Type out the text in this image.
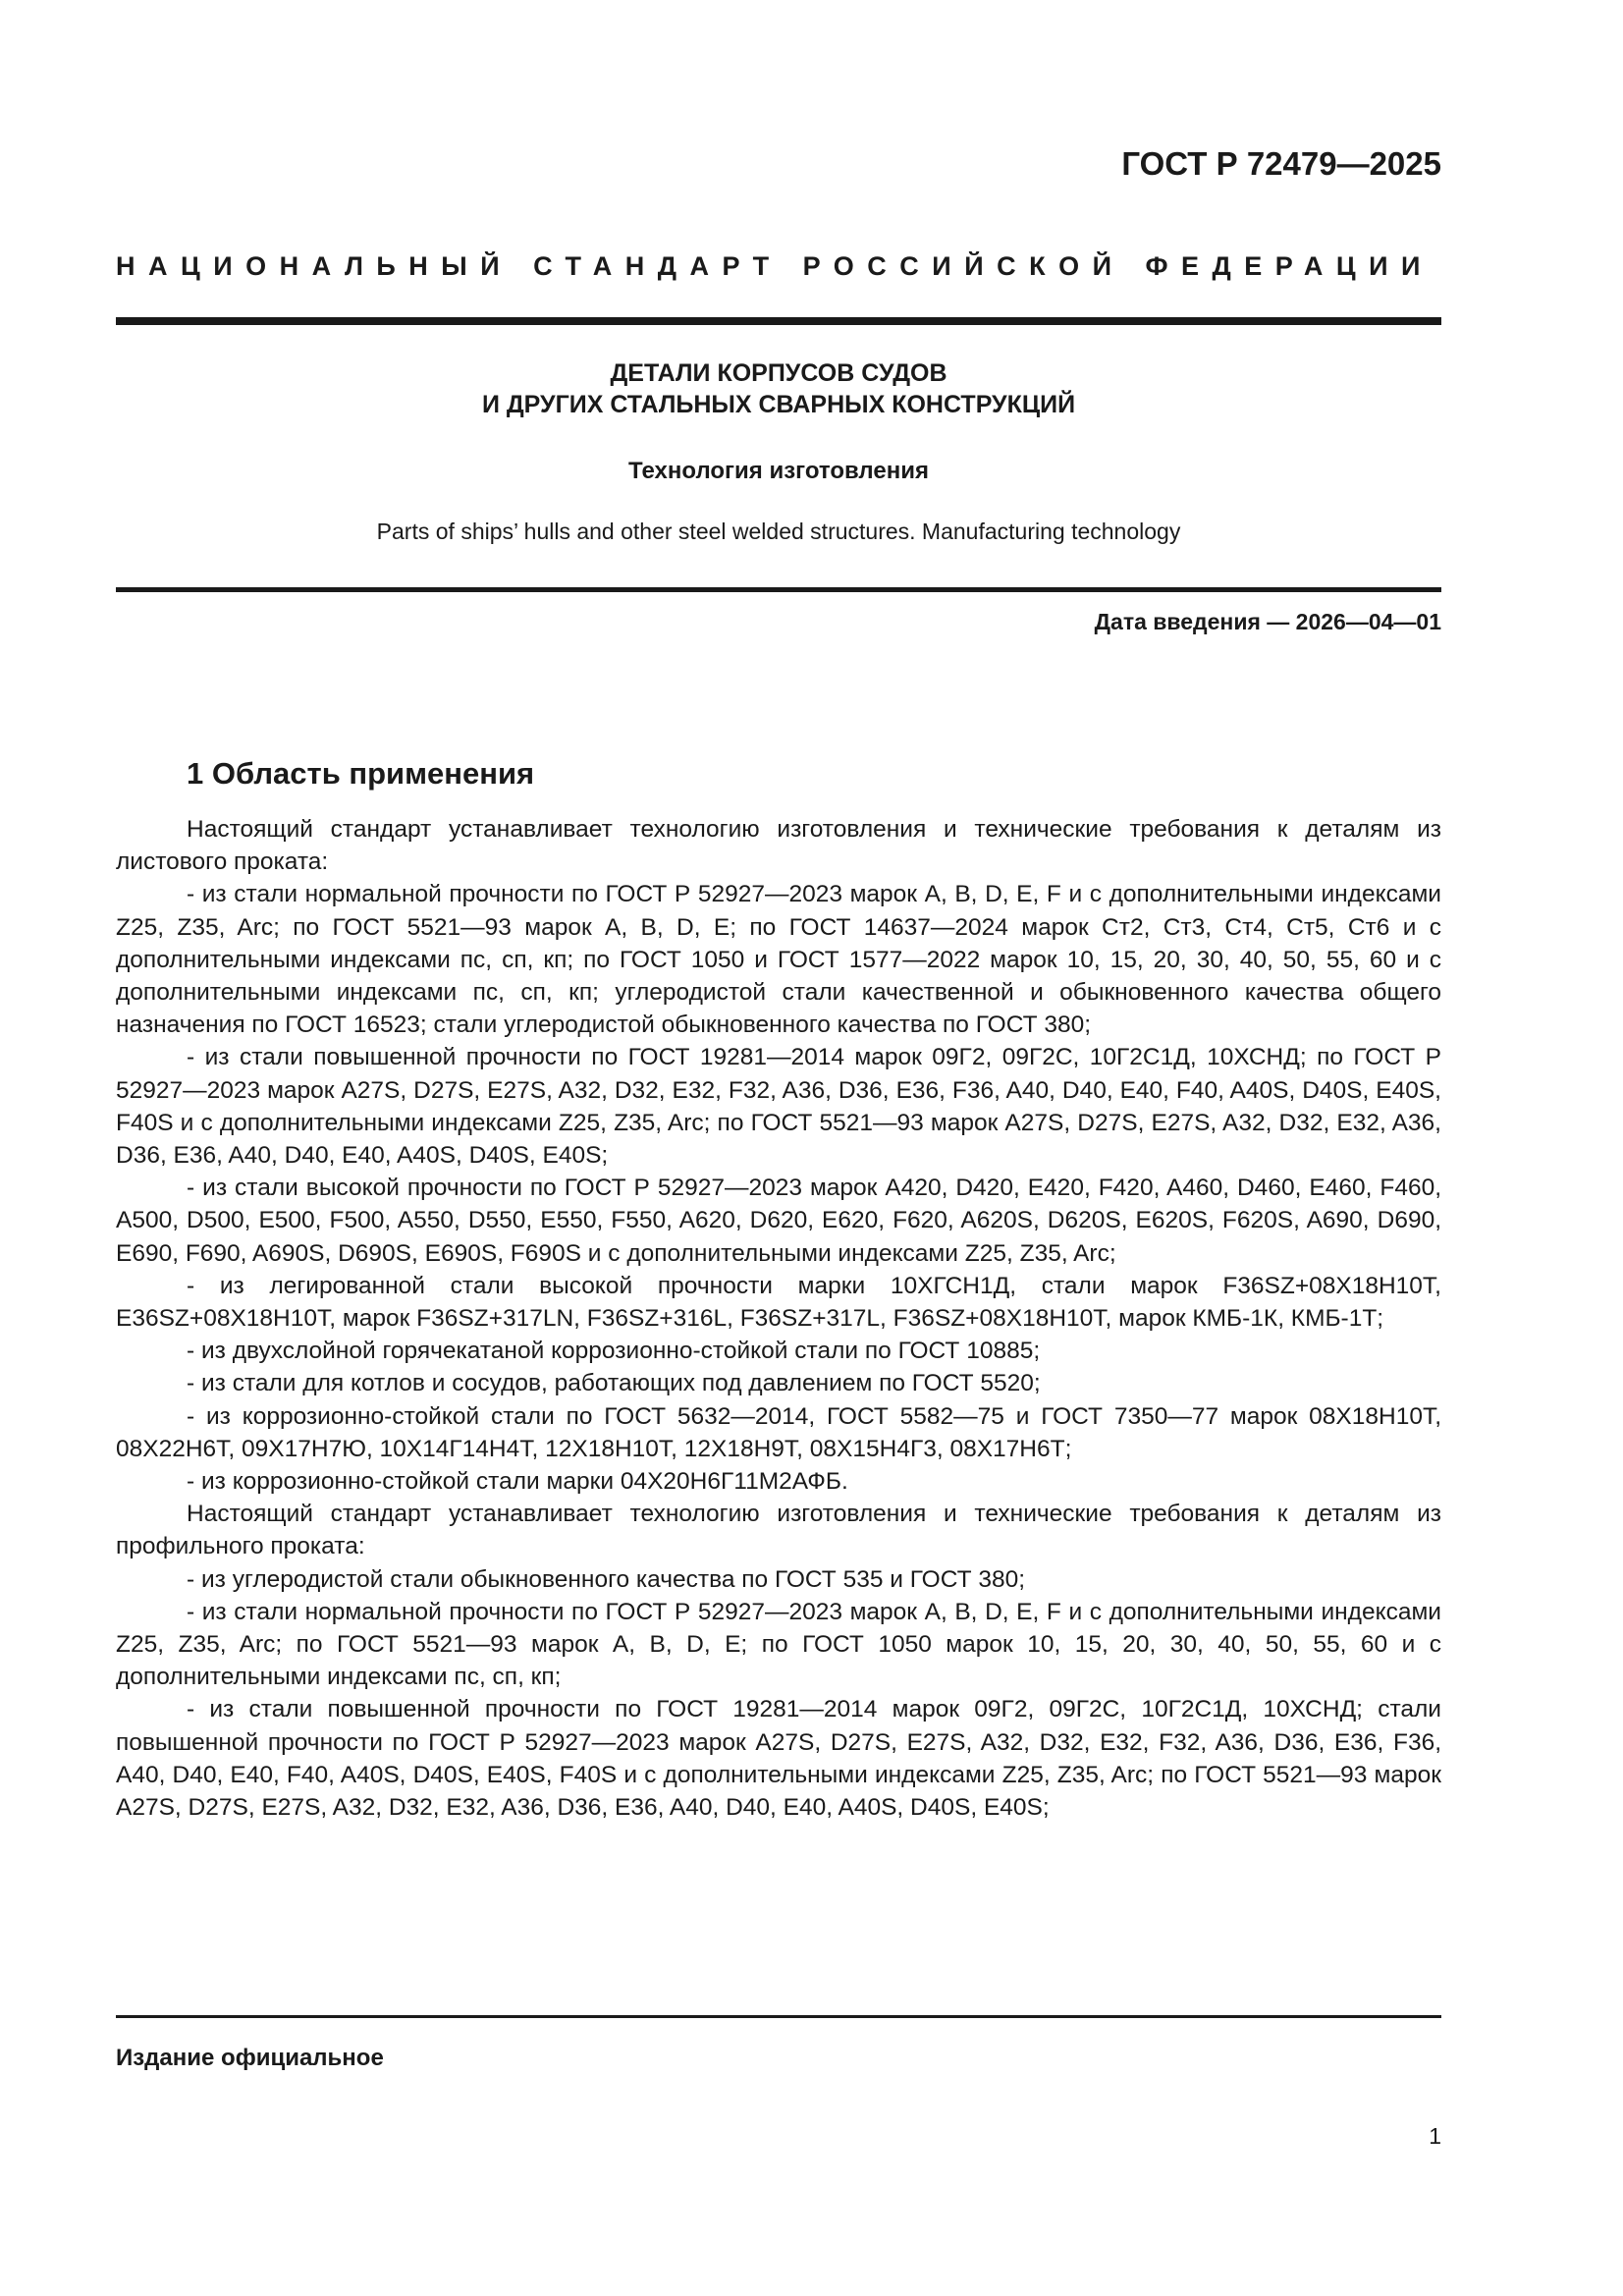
ГОСТ Р 72479—2025
НАЦИОНАЛЬНЫЙ СТАНДАРТ РОССИЙСКОЙ ФЕДЕРАЦИИ
ДЕТАЛИ КОРПУСОВ СУДОВ
И ДРУГИХ СТАЛЬНЫХ СВАРНЫХ КОНСТРУКЦИЙ
Технология изготовления
Parts of ships’ hulls and other steel welded structures. Manufacturing technology
Дата введения — 2026—04—01
1 Область применения

Настоящий стандарт устанавливает технологию изготовления и технические требования к деталям из листового проката:

- из стали нормальной прочности по ГОСТ Р 52927—2023 марок A, B, D, E, F и с дополнительными индексами Z25, Z35, Arc; по ГОСТ 5521—93 марок A, B, D, E; по ГОСТ 14637—2024 марок Ст2, Ст3, Ст4, Ст5, Ст6 и с дополнительными индексами пс, сп, кп; по ГОСТ 1050 и ГОСТ 1577—2022 марок 10, 15, 20, 30, 40, 50, 55, 60 и с дополнительными индексами пс, сп, кп; углеродистой стали качественной и обыкновенного качества общего назначения по ГОСТ 16523; стали углеродистой обыкновенного качества по ГОСТ 380;

- из стали повышенной прочности по ГОСТ 19281—2014 марок 09Г2, 09Г2С, 10Г2С1Д, 10ХСНД; по ГОСТ Р 52927—2023 марок A27S, D27S, E27S, A32, D32, E32, F32, A36, D36, E36, F36, A40, D40, E40, F40, A40S, D40S, E40S, F40S и с дополнительными индексами Z25, Z35, Arc; по ГОСТ 5521—93 марок A27S, D27S, E27S, A32, D32, E32, A36, D36, E36, A40, D40, E40, A40S, D40S, E40S;

- из стали высокой прочности по ГОСТ Р 52927—2023 марок A420, D420, E420, F420, A460, D460, E460, F460, A500, D500, E500, F500, A550, D550, E550, F550, A620, D620, E620, F620, A620S, D620S, E620S, F620S, A690, D690, E690, F690, A690S, D690S, E690S, F690S и с дополнительными индексами Z25, Z35, Arc;

- из легированной стали высокой прочности марки 10ХГСН1Д, стали марок F36SZ+08X18H10T, E36SZ+08X18H10T, марок F36SZ+317LN, F36SZ+316L, F36SZ+317L, F36SZ+08X18H10T, марок КМБ-1К, КМБ-1Т;

- из двухслойной горячекатаной коррозионно-стойкой стали по ГОСТ 10885;

- из стали для котлов и сосудов, работающих под давлением по ГОСТ 5520;

- из коррозионно-стойкой стали по ГОСТ 5632—2014, ГОСТ 5582—75 и ГОСТ 7350—77 марок 08Х18Н10Т, 08Х22Н6Т, 09Х17Н7Ю, 10Х14Г14Н4Т, 12Х18Н10Т, 12Х18Н9Т, 08Х15Н4Г3, 08Х17Н6Т;

- из коррозионно-стойкой стали марки 04Х20Н6Г11М2АФБ.

Настоящий стандарт устанавливает технологию изготовления и технические требования к деталям из профильного проката:

- из углеродистой стали обыкновенного качества по ГОСТ 535 и ГОСТ 380;

- из стали нормальной прочности по ГОСТ Р 52927—2023 марок A, B, D, E, F и с дополнительными индексами Z25, Z35, Arc; по ГОСТ 5521—93 марок A, B, D, E; по ГОСТ 1050 марок 10, 15, 20, 30, 40, 50, 55, 60 и с дополнительными индексами пс, сп, кп;

- из стали повышенной прочности по ГОСТ 19281—2014 марок 09Г2, 09Г2С, 10Г2С1Д, 10ХСНД; стали повышенной прочности по ГОСТ Р 52927—2023 марок A27S, D27S, E27S, A32, D32, E32, F32, A36, D36, E36, F36, A40, D40, E40, F40, A40S, D40S, E40S, F40S и с дополнительными индексами Z25, Z35, Arc; по ГОСТ 5521—93 марок A27S, D27S, E27S, A32, D32, E32, A36, D36, E36, A40, D40, E40, A40S, D40S, E40S;

Издание официальное
1
